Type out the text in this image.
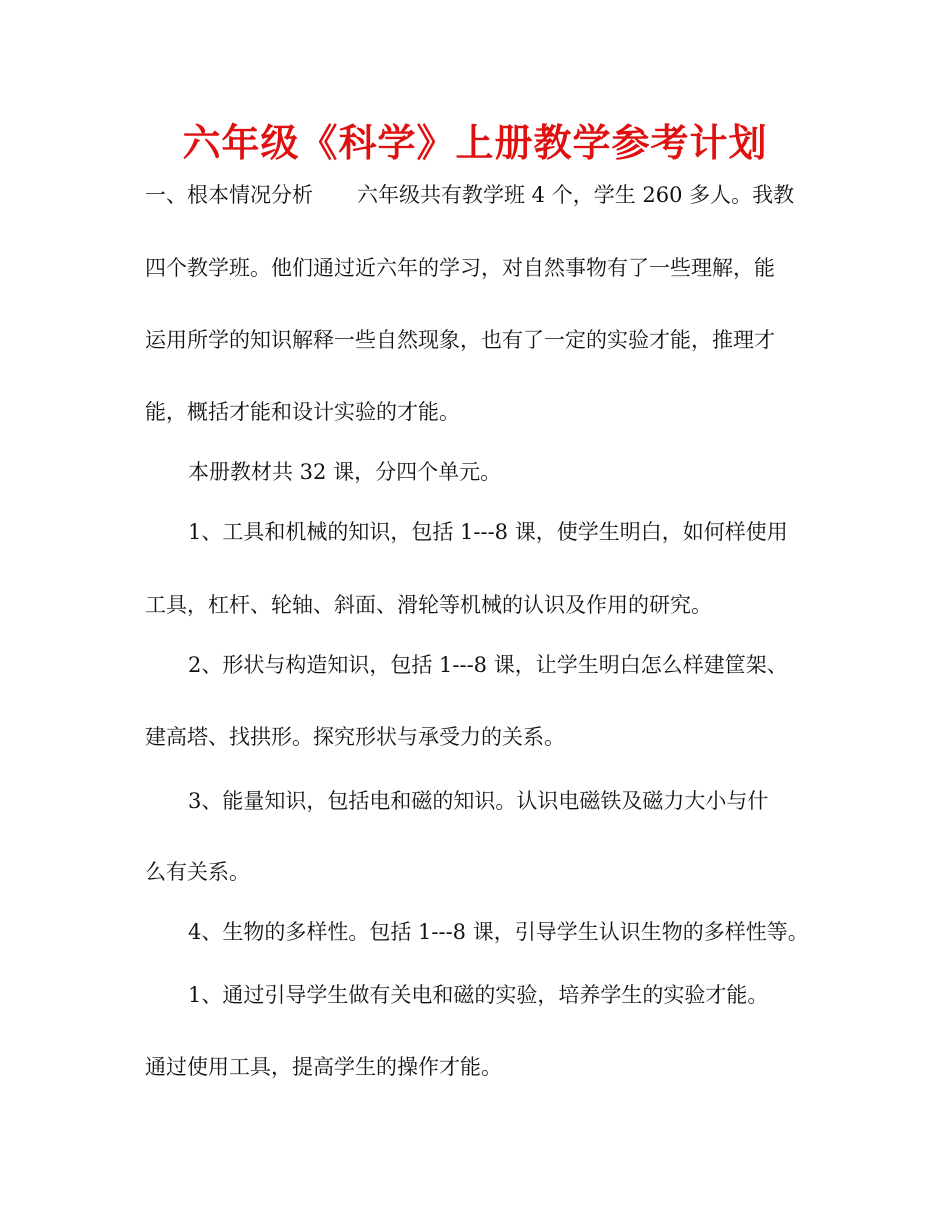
六年级《科学》上册教学参考计划
一、根本情况分析 六年级共有教学班 4 个，学生 260 多人。我教
四个教学班。他们通过近六年的学习，对自然事物有了一些理解，能
运用所学的知识解释一些自然现象，也有了一定的实验才能，推理才
能，概括才能和设计实验的才能。
本册教材共 32 课，分四个单元。
1、工具和机械的知识，包括 1---8 课，使学生明白，如何样使用
工具，杠杆、轮轴、斜面、滑轮等机械的认识及作用的研究。
2、形状与构造知识，包括 1---8 课，让学生明白怎么样建筐架、
建高塔、找拱形。探究形状与承受力的关系。
3、能量知识，包括电和磁的知识。认识电磁铁及磁力大小与什
么有关系。
4、生物的多样性。包括 1---8 课，引导学生认识生物的多样性等。
1、通过引导学生做有关电和磁的实验，培养学生的实验才能。
通过使用工具，提高学生的操作才能。
